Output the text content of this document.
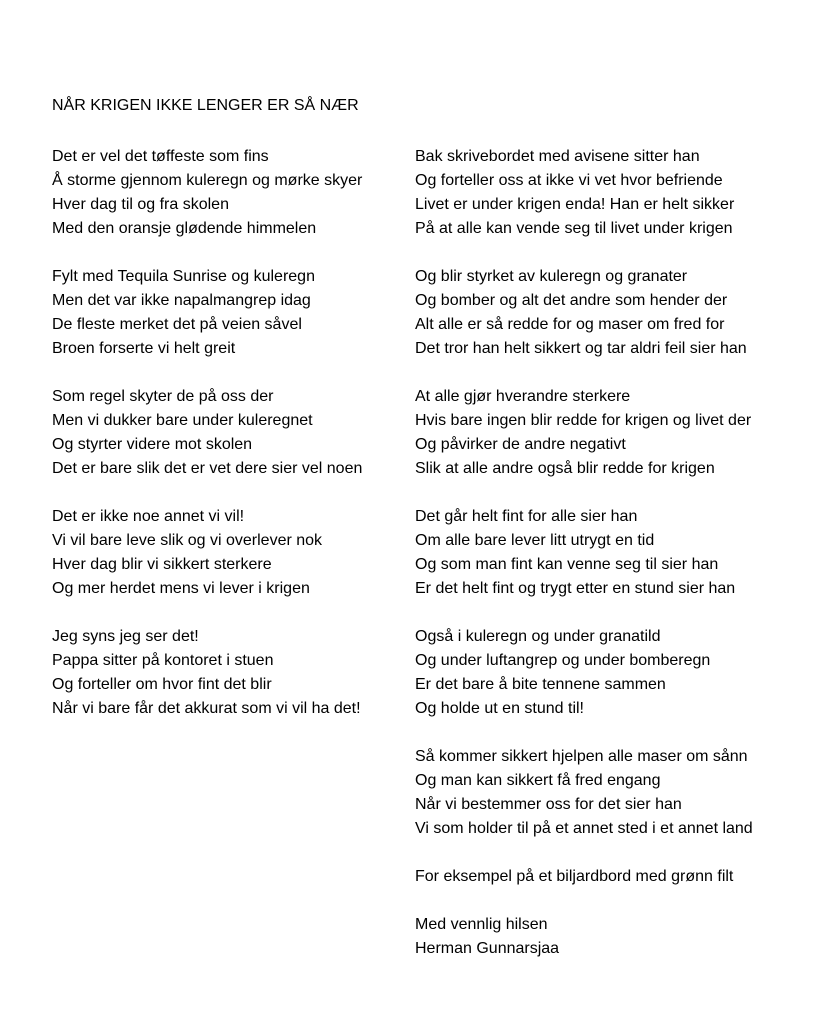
NÅR KRIGEN IKKE LENGER ER SÅ NÆR
Det er vel det tøffeste som fins
Å storme gjennom kuleregn og mørke skyer
Hver dag til og fra skolen
Med den oransje glødende himmelen
Fylt med Tequila Sunrise og kuleregn
Men det var ikke napalmangrep idag
De fleste merket det på veien såvel
Broen forserte vi helt greit
Som regel skyter de på oss der
Men vi dukker bare under kuleregnet
Og styrter videre mot skolen
Det er bare slik det er vet dere sier vel noen
Det er ikke noe annet vi vil!
Vi vil bare leve slik og vi overlever nok
Hver dag blir vi sikkert sterkere
Og mer herdet mens vi lever i krigen
Jeg syns jeg ser det!
Pappa sitter på kontoret i stuen
Og forteller om hvor fint det blir
Når vi bare får det akkurat som vi vil ha det!
Bak skrivebordet med avisene sitter han
Og forteller oss at ikke vi vet hvor befriende
Livet er under krigen enda! Han er helt sikker
På at alle kan vende seg til livet under krigen
Og blir styrket av kuleregn og granater
Og bomber og alt det andre som hender der
Alt alle er så redde for og maser om fred for
Det tror han helt sikkert og tar aldri feil sier han
At alle gjør hverandre sterkere
Hvis bare ingen blir redde for krigen og livet der
Og påvirker de andre negativt
Slik at alle andre også blir redde for krigen
Det går helt fint for alle sier han
Om alle bare lever litt utrygt en tid
Og som man fint kan venne seg til sier han
Er det helt fint og trygt etter en stund sier han
Også i kuleregn og under granatild
Og under luftangrep og under bomberegn
Er det bare å bite tennene sammen
Og holde ut en stund til!
Så kommer sikkert hjelpen alle maser om sånn
Og man kan sikkert få fred engang
Når vi bestemmer oss for det sier han
Vi som holder til på et annet sted i et annet land
For eksempel på et biljardbord med grønn filt
Med vennlig hilsen
Herman Gunnarsjaa
